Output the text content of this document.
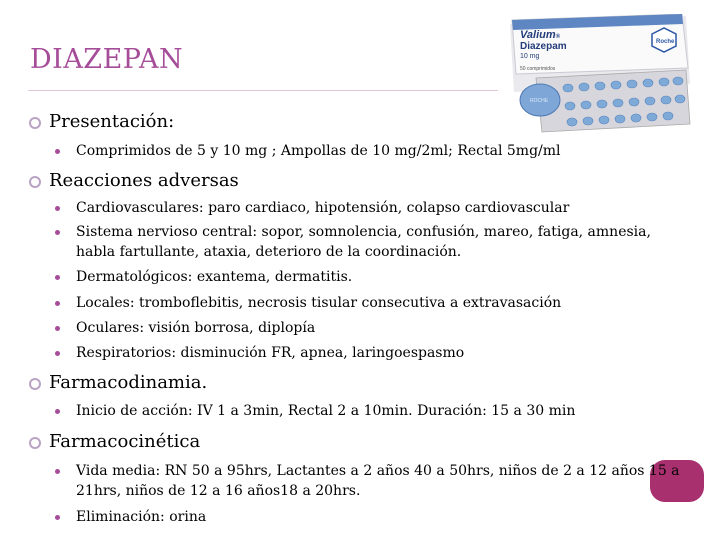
DIAZEPAN
Valium®
Diazepam
10 mg
50 comprimidos
Roche
ROCHE
Presentación:
Comprimidos de 5 y 10 mg ; Ampollas de 10 mg/2ml; Rectal 5mg/ml
Reacciones adversas
Cardiovasculares: paro cardiaco, hipotensión, colapso cardiovascular
Sistema nervioso central: sopor, somnolencia, confusión, mareo, fatiga, amnesia, habla fartullante, ataxia, deterioro de la coordinación.
Dermatológicos: exantema, dermatitis.
Locales: tromboflebitis, necrosis tisular consecutiva a extravasación
Oculares: visión borrosa, diplopía
Respiratorios: disminución FR, apnea, laringoespasmo
Farmacodinamia.
Inicio de acción: IV 1 a 3min, Rectal 2 a 10min. Duración: 15 a 30 min
Farmacocinética
Vida media: RN 50 a 95hrs, Lactantes a 2 años 40 a 50hrs, niños de 2 a 12 años 15 a 21hrs, niños de 12 a 16 años18 a 20hrs.
Eliminación: orina
